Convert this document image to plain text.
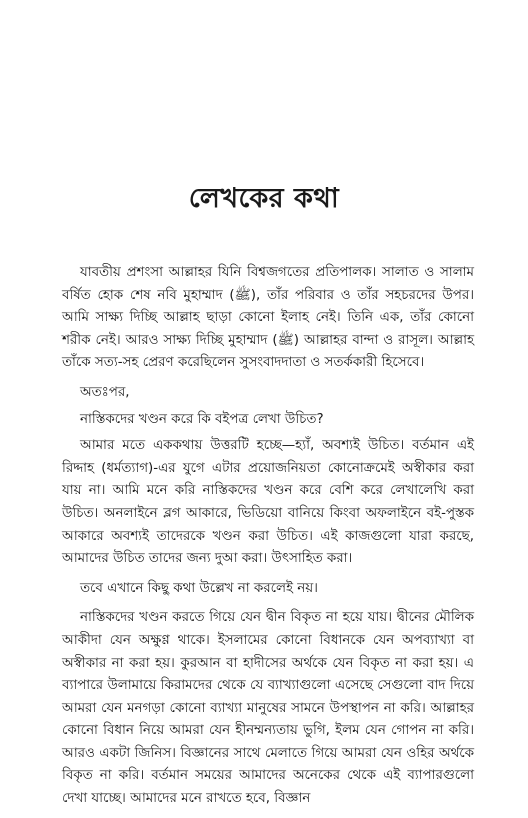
লেখকের কথা

যাবতীয় প্রশংসা আল্লাহর যিনি বিশ্বজগতের প্রতিপালক। সালাত ও সালাম বর্ষিত হোক শেষ নবি মুহাম্মাদ (ﷺ), তাঁর পরিবার ও তাঁর সহচরদের উপর। আমি সাক্ষ্য দিচ্ছি আল্লাহ ছাড়া কোনো ইলাহ নেই। তিনি এক, তাঁর কোনো শরীক নেই। আরও সাক্ষ্য দিচ্ছি মুহাম্মাদ (ﷺ) আল্লাহর বান্দা ও রাসূল। আল্লাহ তাঁকে সত্য-সহ প্রেরণ করেছিলেন সুসংবাদদাতা ও সতর্ককারী হিসেবে।

অতঃপর,

নাস্তিকদের খণ্ডন করে কি বইপত্র লেখা উচিত?

আমার মতে এককথায় উত্তরটি হচ্ছে—হ্যাঁ, অবশ্যই উচিত। বর্তমান এই রিদ্দাহ (ধর্মত্যাগ)-এর যুগে এটার প্রয়োজনিয়তা কোনোক্রমেই অস্বীকার করা যায় না। আমি মনে করি নাস্তিকদের খণ্ডন করে বেশি করে লেখালেখি করা উচিত। অনলাইনে ব্লগ আকারে, ভিডিয়ো বানিয়ে কিংবা অফলাইনে বই-পুস্তক আকারে অবশ্যই তাদেরকে খণ্ডন করা উচিত। এই কাজগুলো যারা করছে, আমাদের উচিত তাদের জন্য দুআ করা। উৎসাহিত করা।

তবে এখানে কিছু কথা উল্লেখ না করলেই নয়।

নাস্তিকদের খণ্ডন করতে গিয়ে যেন দ্বীন বিকৃত না হয়ে যায়। দ্বীনের মৌলিক আকীদা যেন অক্ষুণ্ণ থাকে। ইসলামের কোনো বিধানকে যেন অপব্যাখ্যা বা অস্বীকার না করা হয়। কুরআন বা হাদীসের অর্থকে যেন বিকৃত না করা হয়। এ ব্যাপারে উলামায়ে কিরামদের থেকে যে ব্যাখ্যাগুলো এসেছে সেগুলো বাদ দিয়ে আমরা যেন মনগড়া কোনো ব্যাখ্যা মানুষের সামনে উপস্থাপন না করি। আল্লাহর কোনো বিধান নিয়ে আমরা যেন হীনম্মন্যতায় ভুগি, ইলম যেন গোপন না করি। আরও একটা জিনিস। বিজ্ঞানের সাথে মেলাতে গিয়ে আমরা যেন ওহির অর্থকে বিকৃত না করি। বর্তমান সময়ের আমাদের অনেকের থেকে এই ব্যাপারগুলো দেখা যাচ্ছে। আমাদের মনে রাখতে হবে, বিজ্ঞান
